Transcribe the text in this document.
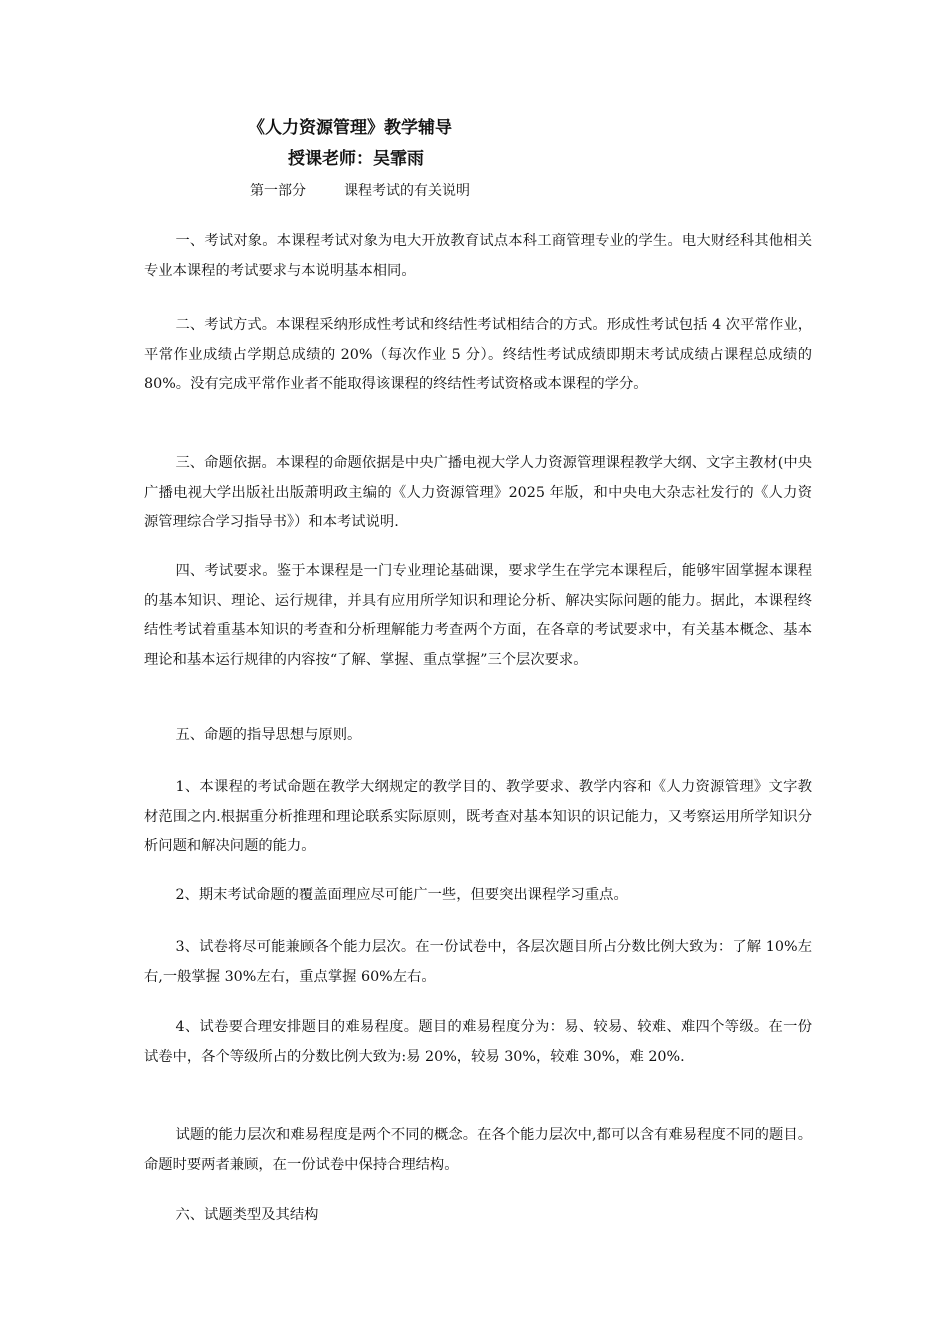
《人力资源管理》教学辅导
授课老师：吴霏雨
第一部分	课程考试的有关说明

一、考试对象。本课程考试对象为电大开放教育试点本科工商管理专业的学生。电大财经科其他相关专业本课程的考试要求与本说明基本相同。

二、考试方式。本课程采纳形成性考试和终结性考试相结合的方式。形成性考试包括 4 次平常作业，平常作业成绩占学期总成绩的 20%（每次作业 5 分）。终结性考试成绩即期末考试成绩占课程总成绩的 80%。没有完成平常作业者不能取得该课程的终结性考试资格或本课程的学分。

三、命题依据。本课程的命题依据是中央广播电视大学人力资源管理课程教学大纲、文字主教材(中央广播电视大学出版社出版萧明政主编的《人力资源管理》2025 年版，和中央电大杂志社发行的《人力资源管理综合学习指导书》）和本考试说明.

四、考试要求。鉴于本课程是一门专业理论基础课，要求学生在学完本课程后，能够牢固掌握本课程的基本知识、理论、运行规律，并具有应用所学知识和理论分析、解决实际问题的能力。据此，本课程终结性考试着重基本知识的考查和分析理解能力考查两个方面，在各章的考试要求中，有关基本概念、基本理论和基本运行规律的内容按“了解、掌握、重点掌握”三个层次要求。

五、命题的指导思想与原则。

1、本课程的考试命题在教学大纲规定的教学目的、教学要求、教学内容和《人力资源管理》文字教材范围之内.根据重分析推理和理论联系实际原则，既考查对基本知识的识记能力，又考察运用所学知识分析问题和解决问题的能力。

2、期末考试命题的覆盖面理应尽可能广一些，但要突出课程学习重点。

3、试卷将尽可能兼顾各个能力层次。在一份试卷中，各层次题目所占分数比例大致为：了解 10%左右,一般掌握 30%左右，重点掌握 60%左右。

4、试卷要合理安排题目的难易程度。题目的难易程度分为：易、较易、较难、难四个等级。在一份试卷中，各个等级所占的分数比例大致为:易 20%，较易 30%，较难 30%，难 20%.

试题的能力层次和难易程度是两个不同的概念。在各个能力层次中,都可以含有难易程度不同的题目。命题时要两者兼顾，在一份试卷中保持合理结构。

六、试题类型及其结构
